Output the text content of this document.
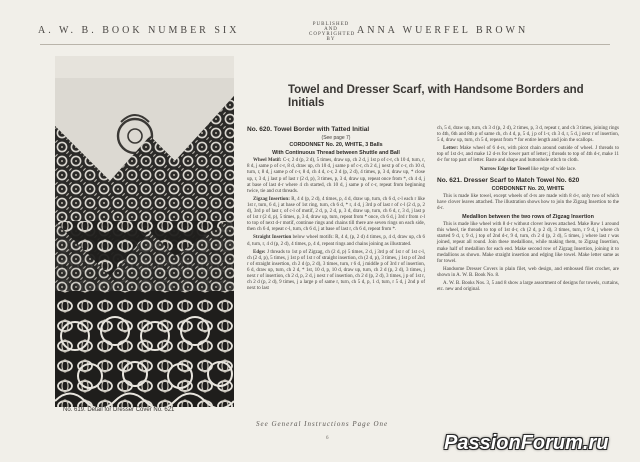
A. W. B. BOOK NUMBER SIX
PUBLISHED AND COPYRIGHTED BY
ANNA WUERFEL BROWN
No. 619. Detail for Dresser Cover No. 621
Towel and Dresser Scarf, with Handsome Borders and Initials
No. 620. Towel Border with Tatted Initial
(See page 7)
CORDONNET No. 20, WHITE, 3 Balls
With Continuous Thread between Shuttle and Ball

Wheel Motif: C-r, 2 d (p, 2 d), 5 times, draw up, ch 2 d, j 1st p of c-r, ch 10 d, turn, r, 8 d, j same p of c-r, 8 d, draw up, ch 10 d, j same p of c-r, ch 2 d, j next p of c-r, ch 10 d, turn, r, 8 d, j same p of c-r, 8 d, ch 4 d, c-r, 2 d (p, 2 d), 4 times, p, 3 d, draw up, * close up, r, 3 d, j last p of last r (2 d, p), 3 times, p, 3 d, draw up, repeat once from *, ch 4 d, j at base of last d-r where 4 ch started, ch 10 d, j same p of c-r, repeat from beginning twice, tie and cut threads.

Zigzag Insertion: R, 4 d (p, 2 d), 4 times, p, 4 d, draw up, turn, ch 6 d, c-l each r like 1st r, turn, 6 d, j at base of 1st ring, turn, ch 6 d, * r, 4 d, j 3rd p of last r of c-l (2 d, p, 2 d), 3rd p of last r, of c-l of motif, 2 d, p, 2 d, p, 3 d, draw up, turn, ch 6 d, r, 3 d, j last p of 1st r (2 d, p), 5 times, p, 3 d, draw up, turn, repeat from * once, ch 6 d, j 3rd r from c-l to top of next d-r motif, continue rings and chains till there are seven rings on each side, then ch 6 d, repeat c-l, turn, ch 6 d, j at base of last r, ch 6 d, repeat from *.

Straight Insertion below wheel motifs: R, 4 d, (p, 2 d) 4 times, p, 4 d, draw up, ch 6 d, turn, r, 4 d (p, 2 d), 4 times, p, 4 d, repeat rings and chains joining as illustrated.

Edge: J threads to 1st p of Zigzag, ch (2 d, p) 5 times, 2 d, j 3rd p of 1st r of 1st c-l, ch (2 d, p), 5 times, j 1st p of 1st r of straight insertion, ch (2 d, p), 3 times, j 1st p of 2nd r of straight insertion, ch 2 d (p, 2 d), 3 times, turn, r 6 d, j middle p of 3rd r of insertion, 6 d, draw up, turn, ch 2 d, * 1st, 10 d, p, 10 d, draw up, turn, ch 2 d (p, 2 d), 3 times, j next r of insertion, ch 2 d, p, 2 d, j next r of insertion, ch 2 d (p, 2 d), 3 times, j p of 1st r, ch 2 d (p, 2 d), 9 times, j a large p of same r, turn, ch 5 d, p, 1 d, turn, r 5 d, j 2nd p of next to last

ch, 5 d, draw up, turn, ch 3 d (p, 2 d), 2 times, p, 3 d, repeat r, and ch 3 times, joining rings to 4th, 6th and 8th p of same ch, ch 4 d, p, 5 d, j p of 1-r, ch 3 d, r, 5 d, j next r of insertion, 5 d, draw up, turn, ch 5 d, repeat from * for entire length and join the scallops.

Letter: Make wheel of 6 d-rs, with picot chain around outside of wheel. J threads to top of 1st d-r, and make 12 d-rs for lower part of letter; j threads to top of 4th d-r, make 11 d-r for top part of letter. Baste and shape and buttonhole stitch to cloth.

Narrow Edge for Towel like edge of wide lace.

No. 621. Dresser Scarf to Match Towel No. 620
CORDONNET No. 20, WHITE

This is made like towel, except wheels of d-rs are made with 8 d-r, only two of which have clover leaves attached. The illustration shows how to join the Zigzag Insertion to the d-r.

Medallion between the two rows of Zigzag Insertion

This is made like wheel with 8 d-r without clover leaves attached. Make Row 1 around this wheel, tie threads to top of 1st d-r, ch (2 d, p 2 d), 3 times, turn, r 9 d, j where ch started 9 d, r, 9 d, j top of 2nd d-r, 9 d, turn, ch 2 d (p, 2 d), 5 times, j where last r was joined, repeat all round. Join these medallions, while making them, to Zigzag Insertion, make half of medallion for each end. Make second row of Zigzag Insertion, joining it to medallions as shown. Make straight insertion and edging like towel. Make letter same as for towel.

Handsome Dresser Covers in plain filet, web design, and embossed filet crochet, are shown in A. W. B. Book No. 8.

A. W. B. Books Nos. 3, 5 and 8 show a large assortment of designs for towels, curtains, etc. new and original.

See General Instructions Page One
6	PassionForum.ru
